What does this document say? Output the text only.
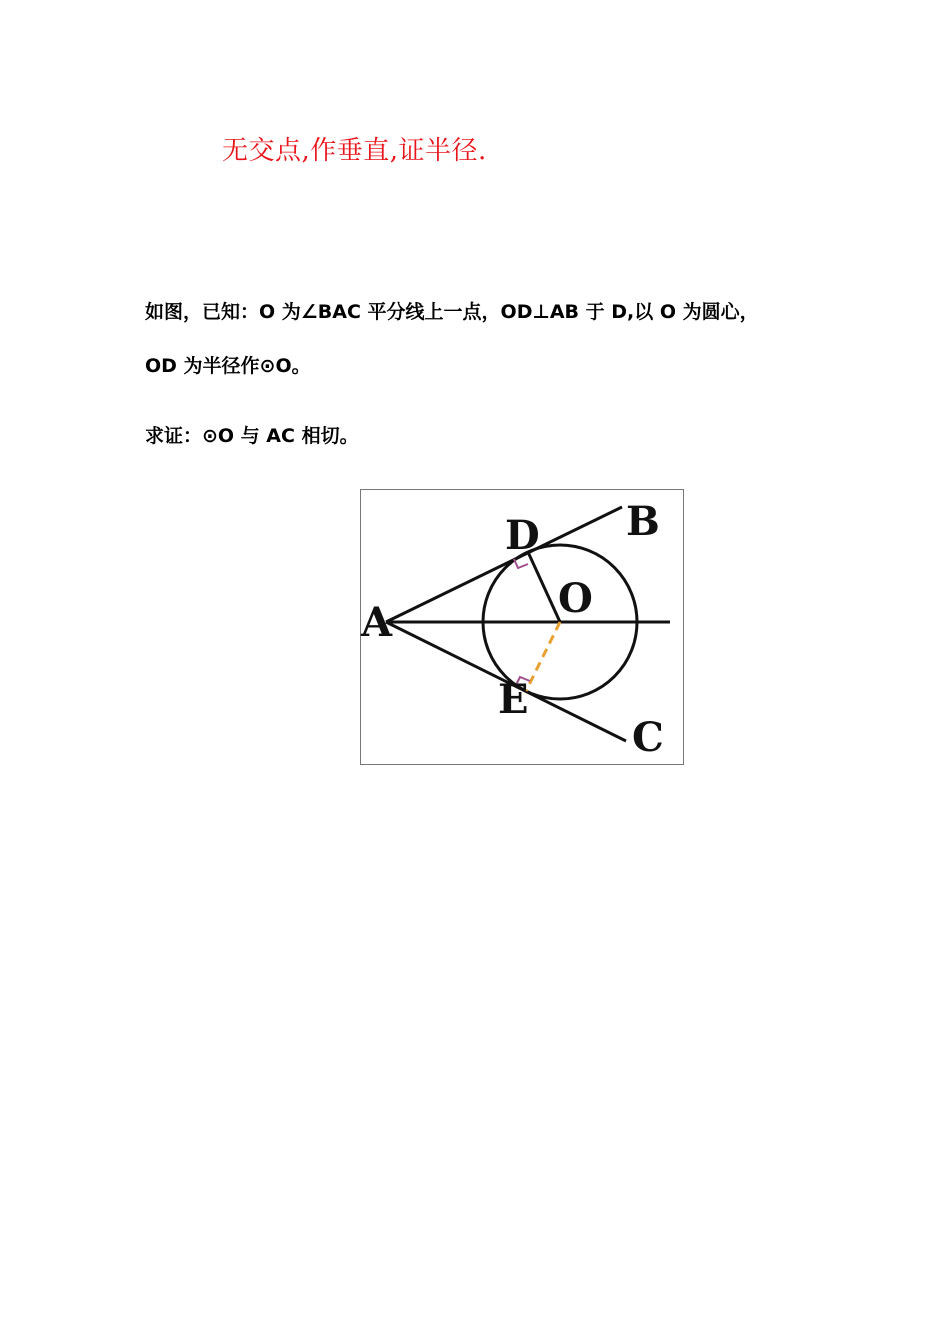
无交点,作垂直,证半径.
如图，已知：O 为∠BAC 平分线上一点，OD⊥AB 于 D,以 O 为圆心，
OD 为半径作⊙O。
求证：⊙O 与 AC 相切。
A
B
C
D
E
O
